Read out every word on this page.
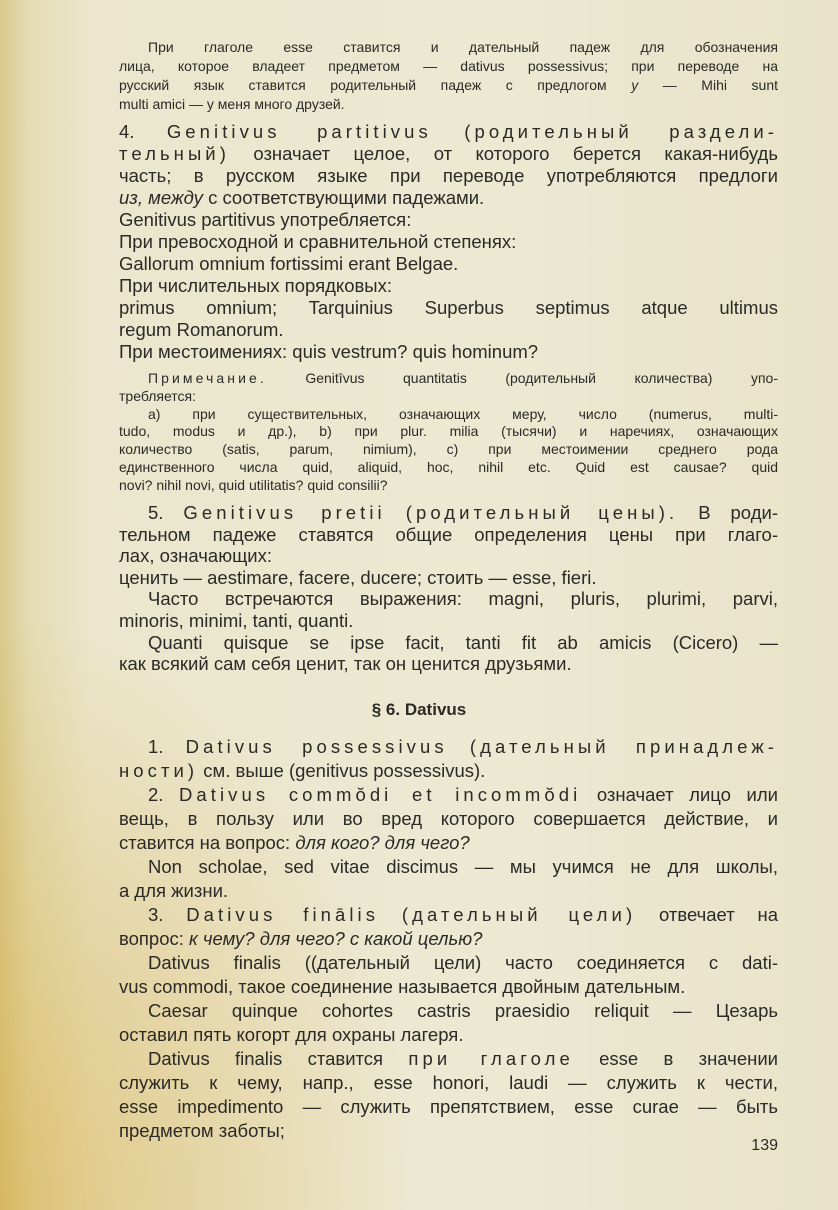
При глаголе esse ставится и дательный падеж для обозначения
лица, которое владеет предметом — dativus possessivus; при переводе на
русский язык ставится родительный падеж с предлогом у — Mihi sunt
multi amici — у меня много друзей.
4. Genitivus partitivus (родительный раздели-
тельный) означает целое, от которого берется какая-нибудь
часть; в русском языке при переводе употребляются предлоги
из, между с соответствующими падежами.
Genitivus partitivus употребляется:
При превосходной и сравнительной степенях:
Gallorum omnium fortissimi erant Belgae.
При числительных порядковых:
primus omnium; Tarquinius Superbus septimus atque ultimus
regum Romanorum.
При местоимениях: quis vestrum? quis hominum?
Примечание. Genitīvus quantitatis (родительный количества) упо-
требляется:
а) при существительных, означающих меру, число (numerus, multi-
tudo, modus и др.), b) при plur. milia (тысячи) и наречиях, означающих
количество (satis, parum, nimium), c) при местоимении среднего рода
единственного числа quid, aliquid, hoc, nihil etc. Quid est causae? quid
novi? nihil novi, quid utilitatis? quid consilii?
5. Genitivus pretii (родительный цены). В роди-
тельном падеже ставятся общие определения цены при глаго-
лах, означающих:
ценить — aestimare, facere, ducere; стоить — esse, fieri.
Часто встречаются выражения: magni, pluris, plurimi, parvi,
minoris, minimi, tanti, quanti.
Quanti quisque se ipse facit, tanti fit ab amicis (Cicero) —
как всякий сам себя ценит, так он ценится друзьями.
§ 6. Dativus
1. Dativus possessivus (дательный принадлеж-
ности) см. выше (genitivus possessivus).
2. Dativus commŏdi et incommŏdi означает лицо или
вещь, в пользу или во вред которого совершается действие, и
ставится на вопрос: для кого? для чего?
Non scholae, sed vitae discimus — мы учимся не для школы,
а для жизни.
3. Dativus finālis (дательный цели) отвечает на
вопрос: к чему? для чего? с какой целью?
Dativus finalis ((дательный цели) часто соединяется с dati-
vus commodi, такое соединение называется двойным дательным.
Caesar quinque cohortes castris praesidio reliquit — Цезарь
оставил пять когорт для охраны лагеря.
Dativus finalis ставится при глаголе esse в значении
служить к чему, напр., esse honori, laudi — служить к чести,
esse impedimento — служить препятствием, esse curae — быть
предметом заботы;
139
